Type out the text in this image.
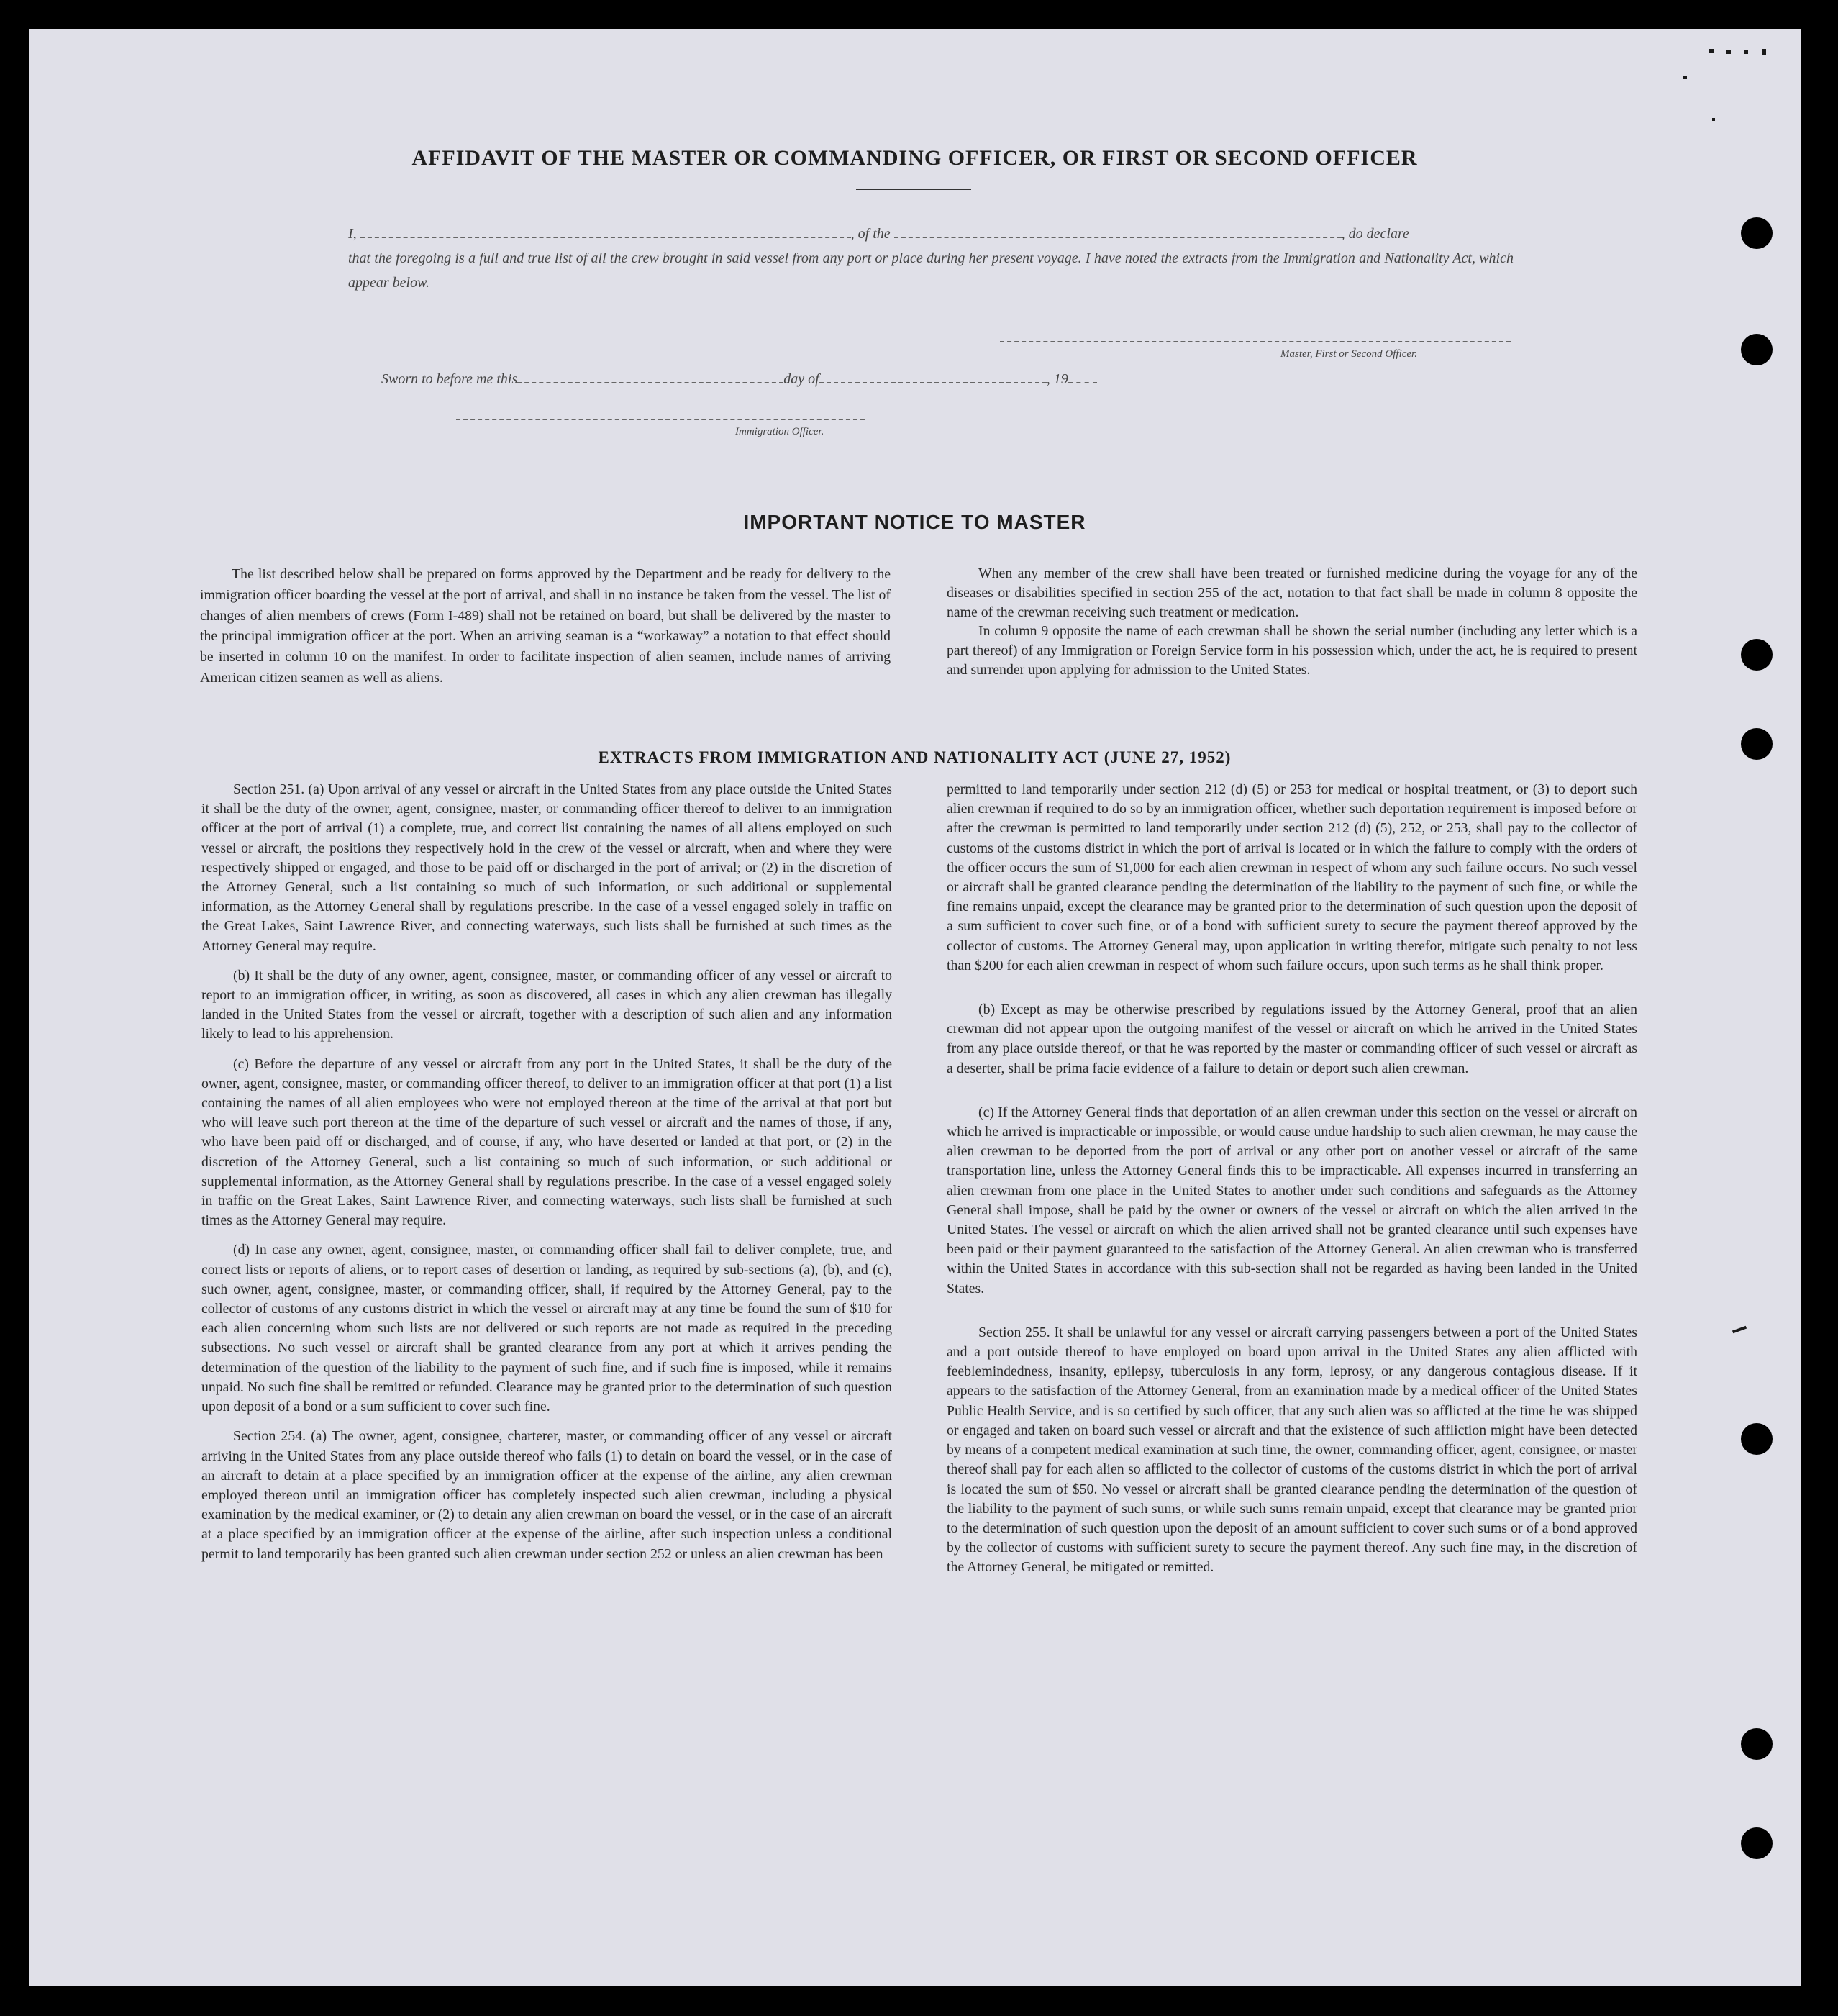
AFFIDAVIT OF THE MASTER OR COMMANDING OFFICER, OR FIRST OR SECOND OFFICER
I,	, of the	, do declare
that the foregoing is a full and true list of all the crew brought in said vessel from any port or place during her present voyage. I have noted the extracts from the Immigration and Nationality Act, which appear below.
Master, First or Second Officer.
Sworn to before me this	day of	, 19
Immigration Officer.
IMPORTANT NOTICE TO MASTER

The list described below shall be prepared on forms approved by the Department and be ready for delivery to the immigration officer boarding the vessel at the port of arrival, and shall in no instance be taken from the vessel. The list of changes of alien members of crews (Form I-489) shall not be retained on board, but shall be delivered by the master to the principal immigration officer at the port. When an arriving seaman is a “workaway” a notation to that effect should be inserted in column 10 on the manifest. In order to facilitate inspection of alien seamen, include names of arriving American citizen seamen as well as aliens.

When any member of the crew shall have been treated or furnished medicine during the voyage for any of the diseases or disabilities specified in section 255 of the act, notation to that fact shall be made in column 8 opposite the name of the crewman receiving such treatment or medication.

In column 9 opposite the name of each crewman shall be shown the serial number (including any letter which is a part thereof) of any Immigration or Foreign Service form in his possession which, under the act, he is required to present and surrender upon applying for admission to the United States.

EXTRACTS FROM IMMIGRATION AND NATIONALITY ACT (JUNE 27, 1952)

Section 251. (a) Upon arrival of any vessel or aircraft in the United States from any place outside the United States it shall be the duty of the owner, agent, consignee, master, or commanding officer thereof to deliver to an immigration officer at the port of arrival (1) a complete, true, and correct list containing the names of all aliens employed on such vessel or aircraft, the positions they respectively hold in the crew of the vessel or aircraft, when and where they were respectively shipped or engaged, and those to be paid off or discharged in the port of arrival; or (2) in the discretion of the Attorney General, such a list containing so much of such information, or such additional or supplemental information, as the Attorney General shall by regulations prescribe. In the case of a vessel engaged solely in traffic on the Great Lakes, Saint Lawrence River, and connecting waterways, such lists shall be furnished at such times as the Attorney General may require.

(b) It shall be the duty of any owner, agent, consignee, master, or commanding officer of any vessel or aircraft to report to an immigration officer, in writing, as soon as discovered, all cases in which any alien crewman has illegally landed in the United States from the vessel or aircraft, together with a description of such alien and any information likely to lead to his apprehension.

(c) Before the departure of any vessel or aircraft from any port in the United States, it shall be the duty of the owner, agent, consignee, master, or commanding officer thereof, to deliver to an immigration officer at that port (1) a list containing the names of all alien employees who were not employed thereon at the time of the arrival at that port but who will leave such port thereon at the time of the departure of such vessel or aircraft and the names of those, if any, who have been paid off or discharged, and of course, if any, who have deserted or landed at that port, or (2) in the discretion of the Attorney General, such a list containing so much of such information, or such additional or supplemental information, as the Attorney General shall by regulations prescribe. In the case of a vessel engaged solely in traffic on the Great Lakes, Saint Lawrence River, and connecting waterways, such lists shall be furnished at such times as the Attorney General may require.

(d) In case any owner, agent, consignee, master, or commanding officer shall fail to deliver complete, true, and correct lists or reports of aliens, or to report cases of desertion or landing, as required by sub-sections (a), (b), and (c), such owner, agent, consignee, master, or commanding officer, shall, if required by the Attorney General, pay to the collector of customs of any customs district in which the vessel or aircraft may at any time be found the sum of $10 for each alien concerning whom such lists are not delivered or such reports are not made as required in the preceding subsections. No such vessel or aircraft shall be granted clearance from any port at which it arrives pending the determination of the question of the liability to the payment of such fine, and if such fine is imposed, while it remains unpaid. No such fine shall be remitted or refunded. Clearance may be granted prior to the determination of such question upon deposit of a bond or a sum sufficient to cover such fine.

Section 254. (a) The owner, agent, consignee, charterer, master, or commanding officer of any vessel or aircraft arriving in the United States from any place outside thereof who fails (1) to detain on board the vessel, or in the case of an aircraft to detain at a place specified by an immigration officer at the expense of the airline, any alien crewman employed thereon until an immigration officer has completely inspected such alien crewman, including a physical examination by the medical examiner, or (2) to detain any alien crewman on board the vessel, or in the case of an aircraft at a place specified by an immigration officer at the expense of the airline, after such inspection unless a conditional permit to land temporarily has been granted such alien crewman under section 252 or unless an alien crewman has been

permitted to land temporarily under section 212 (d) (5) or 253 for medical or hospital treatment, or (3) to deport such alien crewman if required to do so by an immigration officer, whether such deportation requirement is imposed before or after the crewman is permitted to land temporarily under section 212 (d) (5), 252, or 253, shall pay to the collector of customs of the customs district in which the port of arrival is located or in which the failure to comply with the orders of the officer occurs the sum of $1,000 for each alien crewman in respect of whom any such failure occurs. No such vessel or aircraft shall be granted clearance pending the determination of the liability to the payment of such fine, or while the fine remains unpaid, except the clearance may be granted prior to the determination of such question upon the deposit of a sum sufficient to cover such fine, or of a bond with sufficient surety to secure the payment thereof approved by the collector of customs. The Attorney General may, upon application in writing therefor, mitigate such penalty to not less than $200 for each alien crewman in respect of whom such failure occurs, upon such terms as he shall think proper.

(b) Except as may be otherwise prescribed by regulations issued by the Attorney General, proof that an alien crewman did not appear upon the outgoing manifest of the vessel or aircraft on which he arrived in the United States from any place outside thereof, or that he was reported by the master or commanding officer of such vessel or aircraft as a deserter, shall be prima facie evidence of a failure to detain or deport such alien crewman.

(c) If the Attorney General finds that deportation of an alien crewman under this section on the vessel or aircraft on which he arrived is impracticable or impossible, or would cause undue hardship to such alien crewman, he may cause the alien crewman to be deported from the port of arrival or any other port on another vessel or aircraft of the same transportation line, unless the Attorney General finds this to be impracticable. All expenses incurred in transferring an alien crewman from one place in the United States to another under such conditions and safeguards as the Attorney General shall impose, shall be paid by the owner or owners of the vessel or aircraft on which the alien arrived in the United States. The vessel or aircraft on which the alien arrived shall not be granted clearance until such expenses have been paid or their payment guaranteed to the satisfaction of the Attorney General. An alien crewman who is transferred within the United States in accordance with this sub-section shall not be regarded as having been landed in the United States.

Section 255. It shall be unlawful for any vessel or aircraft carrying passengers between a port of the United States and a port outside thereof to have employed on board upon arrival in the United States any alien afflicted with feeblemindedness, insanity, epilepsy, tuberculosis in any form, leprosy, or any dangerous contagious disease. If it appears to the satisfaction of the Attorney General, from an examination made by a medical officer of the United States Public Health Service, and is so certified by such officer, that any such alien was so afflicted at the time he was shipped or engaged and taken on board such vessel or aircraft and that the existence of such affliction might have been detected by means of a competent medical examination at such time, the owner, commanding officer, agent, consignee, or master thereof shall pay for each alien so afflicted to the collector of customs of the customs district in which the port of arrival is located the sum of $50. No vessel or aircraft shall be granted clearance pending the determination of the question of the liability to the payment of such sums, or while such sums remain unpaid, except that clearance may be granted prior to the determination of such question upon the deposit of an amount sufficient to cover such sums or of a bond approved by the collector of customs with sufficient surety to secure the payment thereof. Any such fine may, in the discretion of the Attorney General, be mitigated or remitted.
